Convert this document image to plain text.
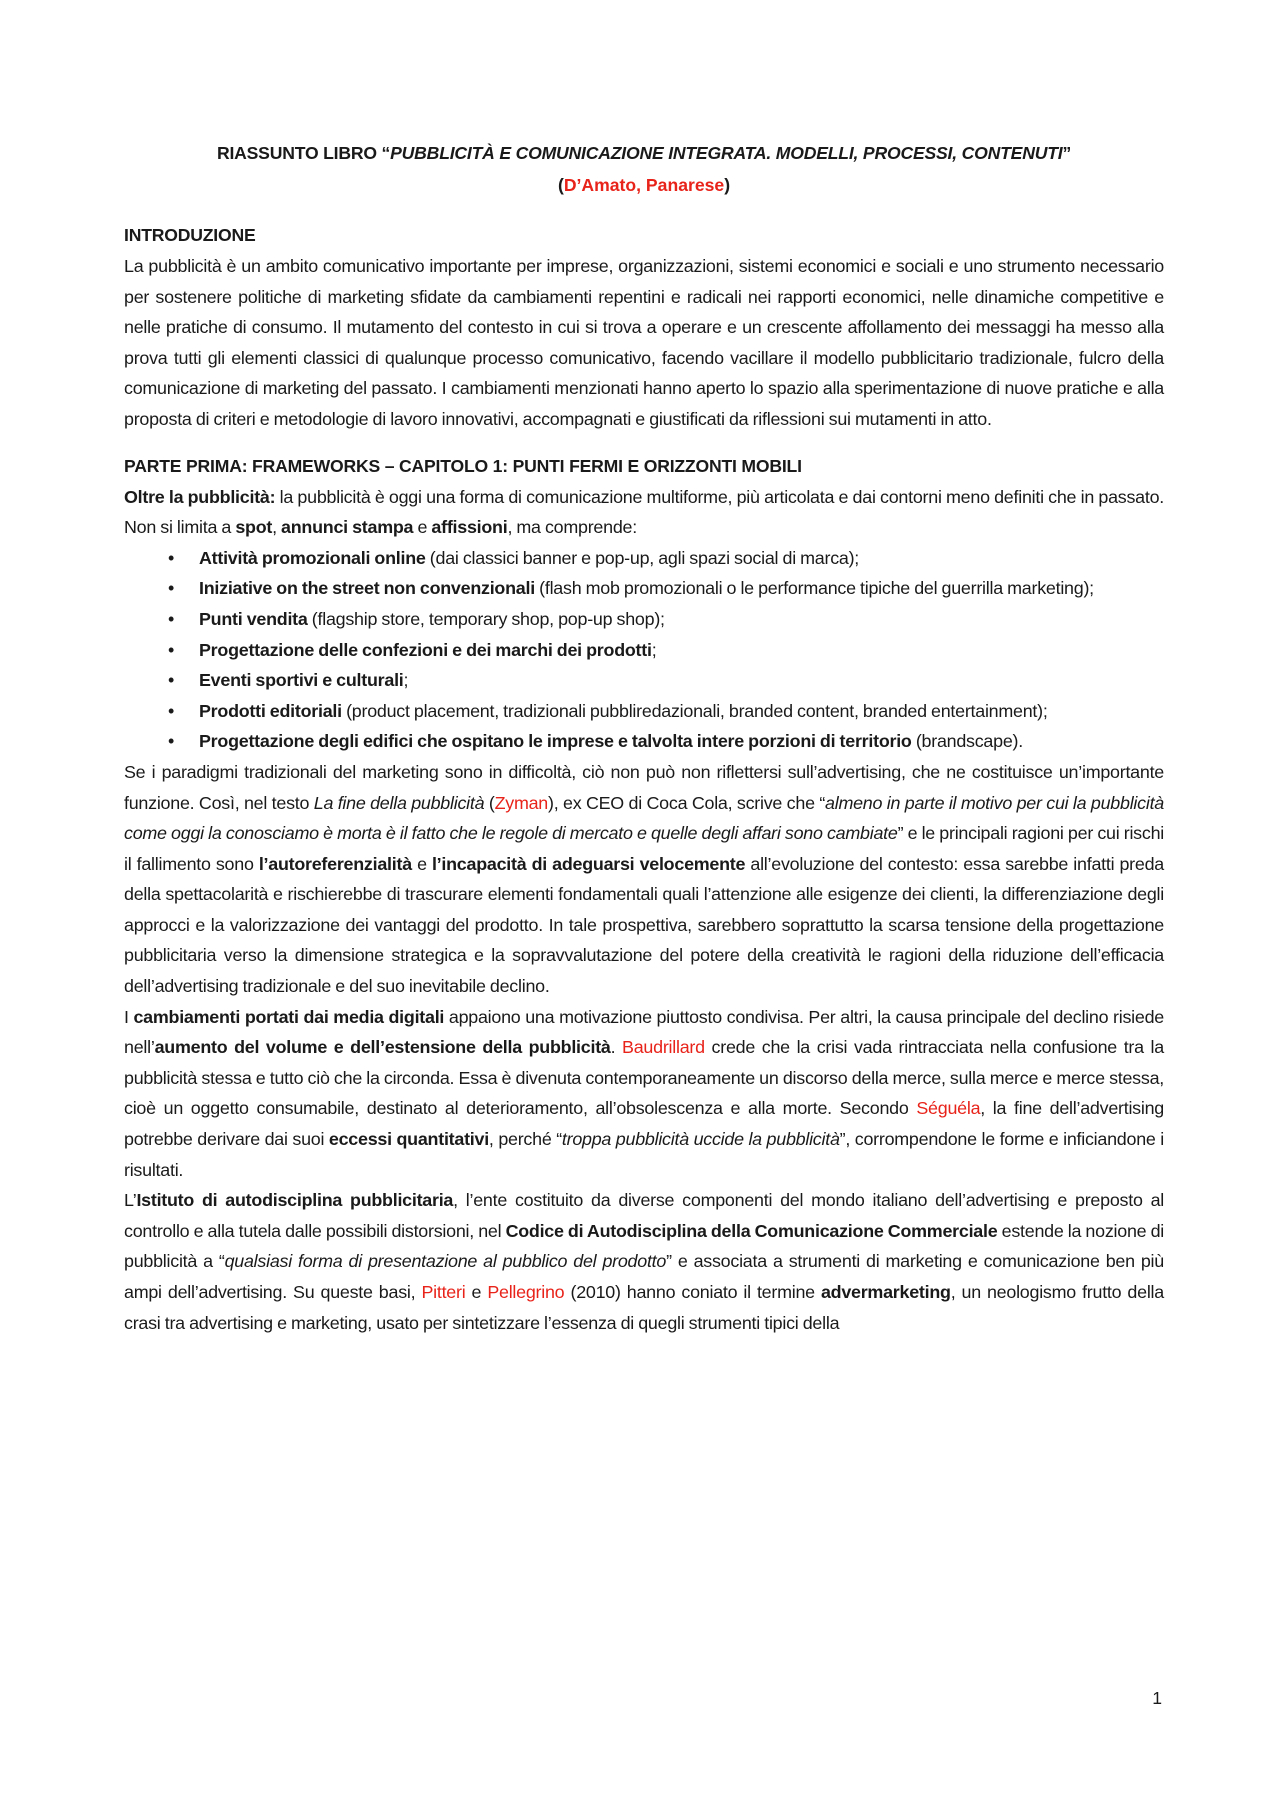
RIASSUNTO LIBRO “PUBBLICITÀ E COMUNICAZIONE INTEGRATA. MODELLI, PROCESSI, CONTENUTI”
(D’Amato, Panarese)
INTRODUZIONE

La pubblicità è un ambito comunicativo importante per imprese, organizzazioni, sistemi economici e sociali e uno strumento necessario per sostenere politiche di marketing sfidate da cambiamenti repentini e radicali nei rapporti economici, nelle dinamiche competitive e nelle pratiche di consumo. Il mutamento del contesto in cui si trova a operare e un crescente affollamento dei messaggi ha messo alla prova tutti gli elementi classici di qualunque processo comunicativo, facendo vacillare il modello pubblicitario tradizionale, fulcro della comunicazione di marketing del passato. I cambiamenti menzionati hanno aperto lo spazio alla sperimentazione di nuove pratiche e alla proposta di criteri e metodologie di lavoro innovativi, accompagnati e giustificati da riflessioni sui mutamenti in atto.

PARTE PRIMA: FRAMEWORKS – CAPITOLO 1: PUNTI FERMI E ORIZZONTI MOBILI

Oltre la pubblicità: la pubblicità è oggi una forma di comunicazione multiforme, più articolata e dai contorni meno definiti che in passato. Non si limita a spot, annunci stampa e affissioni, ma comprende:

• Attività promozionali online (dai classici banner e pop-up, agli spazi social di marca);
• Iniziative on the street non convenzionali (flash mob promozionali o le performance tipiche del guerrilla marketing);
• Punti vendita (flagship store, temporary shop, pop-up shop);
• Progettazione delle confezioni e dei marchi dei prodotti;
• Eventi sportivi e culturali;
• Prodotti editoriali (product placement, tradizionali pubbliredazionali, branded content, branded entertainment);
• Progettazione degli edifici che ospitano le imprese e talvolta intere porzioni di territorio (brandscape).

Se i paradigmi tradizionali del marketing sono in difficoltà, ciò non può non riflettersi sull’advertising, che ne costituisce un’importante funzione. Così, nel testo La fine della pubblicità (Zyman), ex CEO di Coca Cola, scrive che “almeno in parte il motivo per cui la pubblicità come oggi la conosciamo è morta è il fatto che le regole di mercato e quelle degli affari sono cambiate” e le principali ragioni per cui rischi il fallimento sono l’autoreferenzialità e l’incapacità di adeguarsi velocemente all’evoluzione del contesto: essa sarebbe infatti preda della spettacolarità e rischierebbe di trascurare elementi fondamentali quali l’attenzione alle esigenze dei clienti, la differenziazione degli approcci e la valorizzazione dei vantaggi del prodotto. In tale prospettiva, sarebbero soprattutto la scarsa tensione della progettazione pubblicitaria verso la dimensione strategica e la sopravvalutazione del potere della creatività le ragioni della riduzione dell’efficacia dell’advertising tradizionale e del suo inevitabile declino.

I cambiamenti portati dai media digitali appaiono una motivazione piuttosto condivisa. Per altri, la causa principale del declino risiede nell’aumento del volume e dell’estensione della pubblicità. Baudrillard crede che la crisi vada rintracciata nella confusione tra la pubblicità stessa e tutto ciò che la circonda. Essa è divenuta contemporaneamente un discorso della merce, sulla merce e merce stessa, cioè un oggetto consumabile, destinato al deterioramento, all’obsolescenza e alla morte. Secondo Séguéla, la fine dell’advertising potrebbe derivare dai suoi eccessi quantitativi, perché “troppa pubblicità uccide la pubblicità”, corrompendone le forme e inficiandone i risultati.

L’Istituto di autodisciplina pubblicitaria, l’ente costituito da diverse componenti del mondo italiano dell’advertising e preposto al controllo e alla tutela dalle possibili distorsioni, nel Codice di Autodisciplina della Comunicazione Commerciale estende la nozione di pubblicità a “qualsiasi forma di presentazione al pubblico del prodotto” e associata a strumenti di marketing e comunicazione ben più ampi dell’advertising. Su queste basi, Pitteri e Pellegrino (2010) hanno coniato il termine advermarketing, un neologismo frutto della crasi tra advertising e marketing, usato per sintetizzare l’essenza di quegli strumenti tipici della

1
